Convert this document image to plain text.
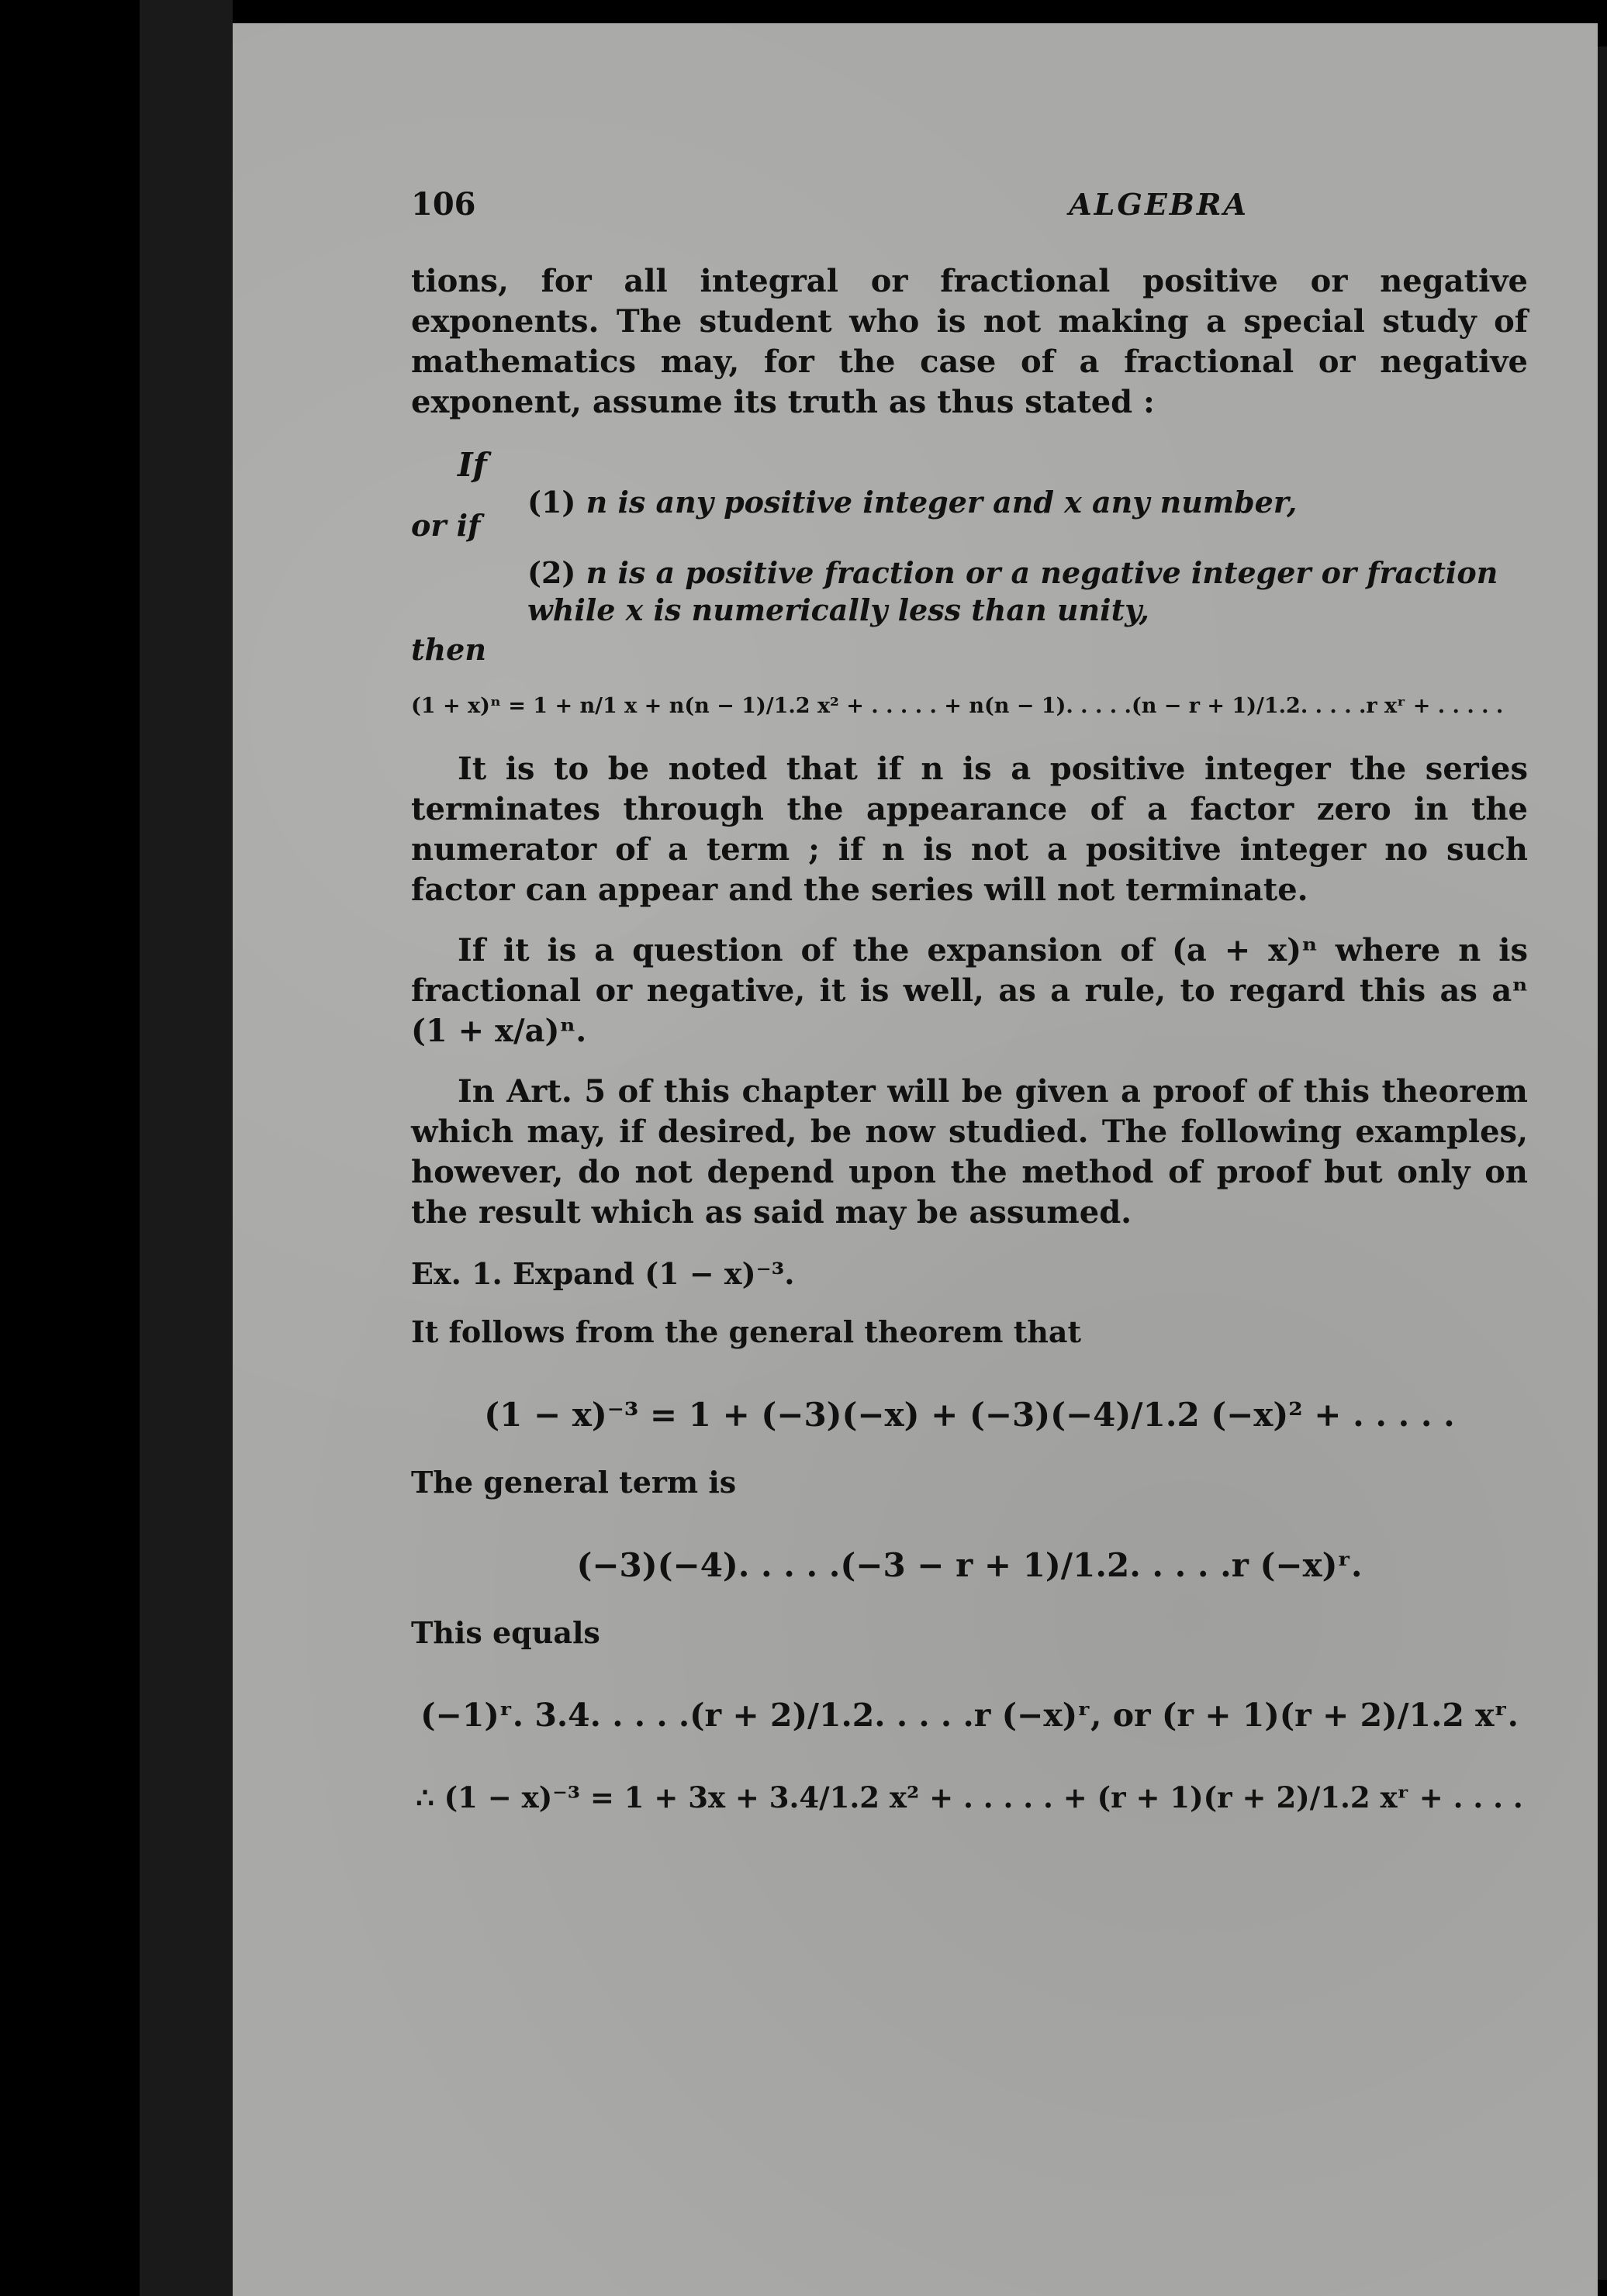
106	ALGEBRA

tions, for all integral or fractional positive or negative exponents. The student who is not making a special study of mathematics may, for the case of a fractional or negative exponent, assume its truth as thus stated :

If
or if
(1) n is any positive integer and x any number,
(2) n is a positive fraction or a negative integer or fraction while x is numerically less than unity,
then
(1 + x)ⁿ = 1 + n/1 x + n(n − 1)/1.2 x² + . . . . . + n(n − 1). . . . .(n − r + 1)/1.2. . . . .r xʳ + . . . . .

It is to be noted that if n is a positive integer the series terminates through the appearance of a factor zero in the numerator of a term ; if n is not a positive integer no such factor can appear and the series will not terminate.

If it is a question of the expansion of (a + x)ⁿ where n is fractional or negative, it is well, as a rule, to regard this as aⁿ (1 + x/a)ⁿ.

In Art. 5 of this chapter will be given a proof of this theorem which may, if desired, be now studied. The following examples, however, do not depend upon the method of proof but only on the result which as said may be assumed.

Ex. 1. Expand (1 − x)⁻³.
It follows from the general theorem that
(1 − x)⁻³ = 1 + (−3)(−x) + (−3)(−4)/1.2 (−x)² + . . . . .
The general term is
(−3)(−4). . . . .(−3 − r + 1)/1.2. . . . .r (−x)ʳ.
This equals
(−1)ʳ. 3.4. . . . .(r + 2)/1.2. . . . .r (−x)ʳ, or (r + 1)(r + 2)/1.2 xʳ.
∴ (1 − x)⁻³ = 1 + 3x + 3.4/1.2 x² + . . . . . + (r + 1)(r + 2)/1.2 xʳ + . . . .
